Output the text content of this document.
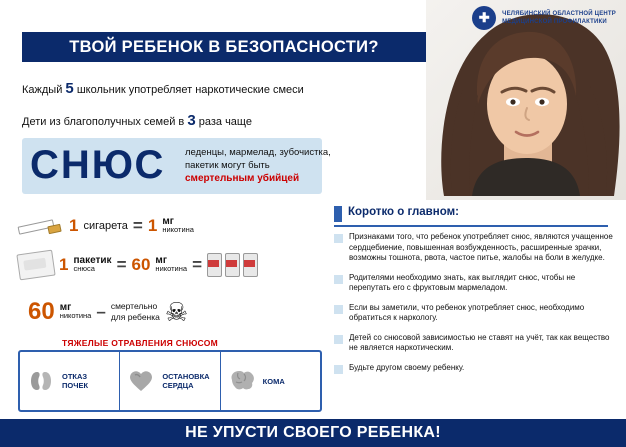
✚	ЧЕЛЯБИНСКИЙ ОБЛАСТНОЙ ЦЕНТР
МЕДИЦИНСКОЙ ПРОФИЛАКТИКИ
ТВОЙ РЕБЕНОК В БЕЗОПАСНОСТИ?
Каждый 5 школьник употребляет наркотические смеси
Дети из благополучных семей в 3 раза чаще
СНЮС леденцы, мармелад, зубочистка,
пакетик могут быть
смертельным убийцей
1 сигарета = 1 мг
никотина
1 пакетик
снюса	= 60 мг
никотина =
60 мг
никотина – смертельно
для ребенка ☠
ТЯЖЕЛЫЕ ОТРАВЛЕНИЯ СНЮСОМ
ОТКАЗ
ПОЧЕК
ОСТАНОВКА
СЕРДЦА	КОМА
Коротко о главном:
Признаками того, что ребенок употребляет снюс, являются учащенное сердцебиение, повышенная возбужденность, расширенные зрачки, возможны тошнота, рвота, частое питье, жалобы на боли в желудке.
Родителями необходимо знать, как выглядит снюс, чтобы не перепутать его с фруктовым мармеладом.
Если вы заметили, что ребенок употребляет снюс, необходимо обратиться к наркологу.
Детей со снюсовой зависимостью не ставят на учёт, так как вещество не является наркотическим.
Будьте другом своему ребенку.
НЕ УПУСТИ СВОЕГО РЕБЕНКА!
